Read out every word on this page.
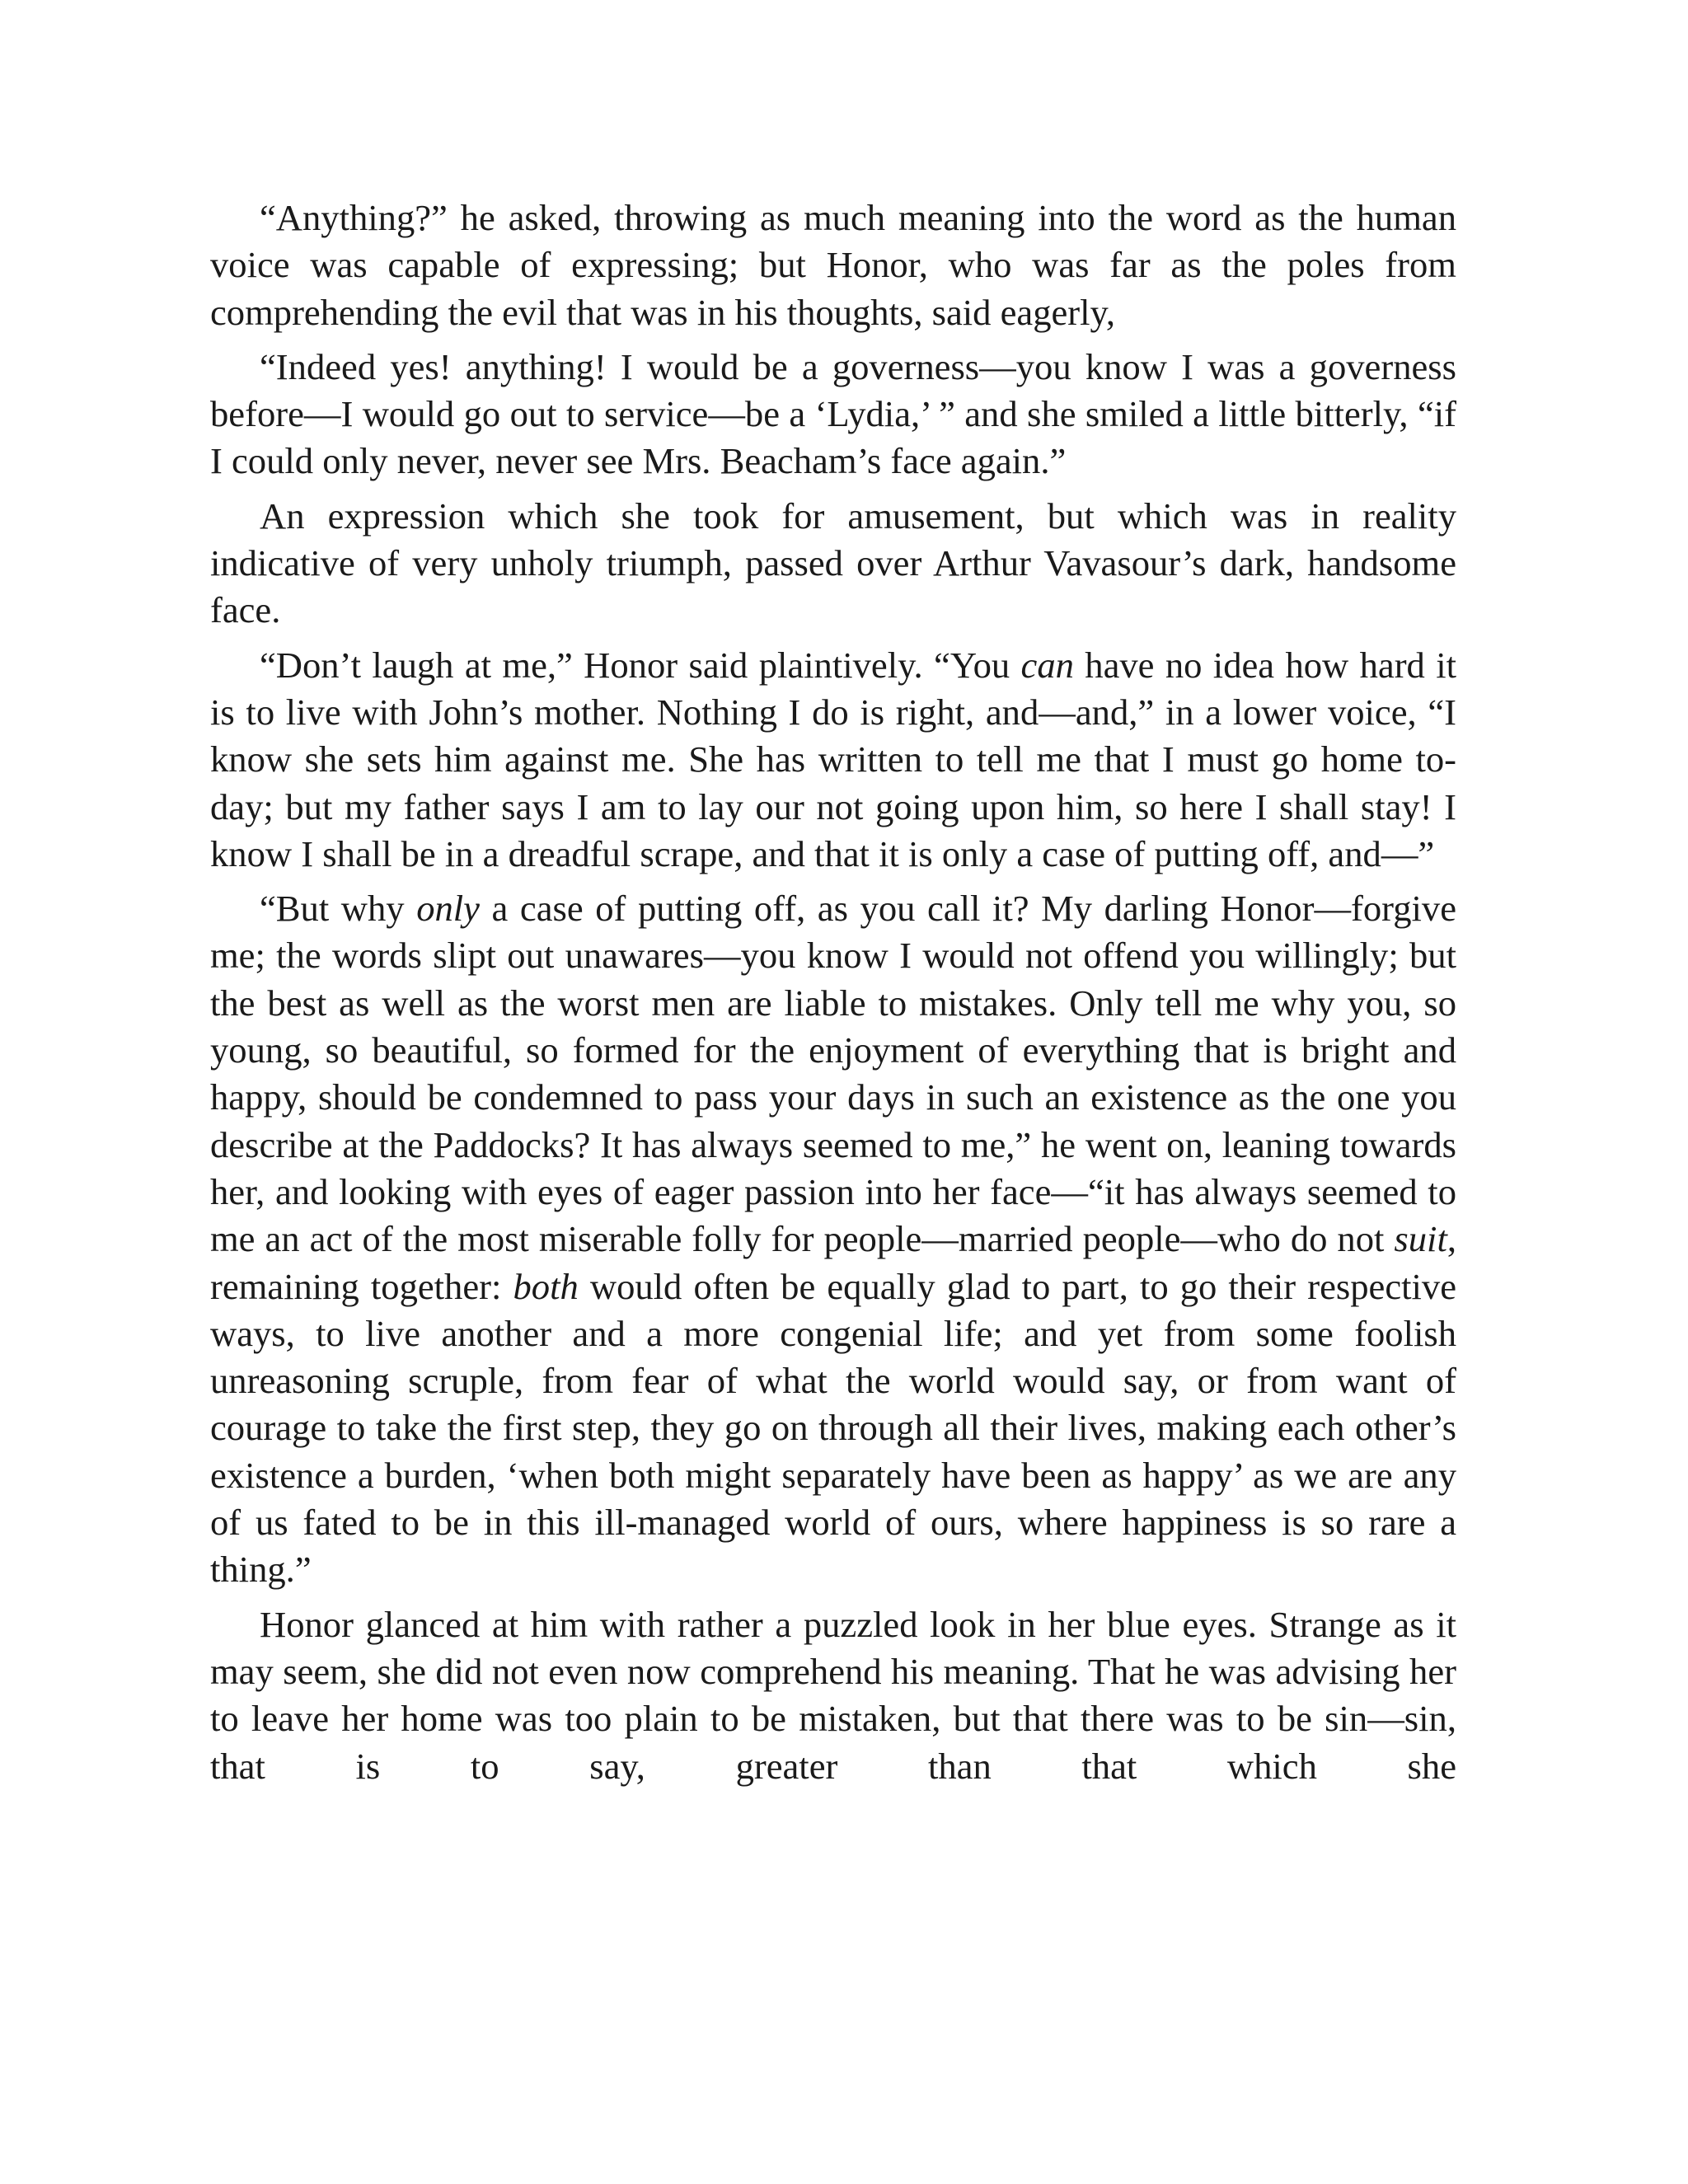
“Anything?” he asked, throwing as much meaning into the word as the human voice was capable of expressing; but Honor, who was far as the poles from comprehending the evil that was in his thoughts, said eagerly,

“Indeed yes! anything! I would be a governess—you know I was a governess before—I would go out to service—be a ‘Lydia,’ ” and she smiled a little bitterly, “if I could only never, never see Mrs. Beacham’s face again.”

An expression which she took for amusement, but which was in reality indicative of very unholy triumph, passed over Arthur Vavasour’s dark, handsome face.

“Don’t laugh at me,” Honor said plaintively. “You can have no idea how hard it is to live with John’s mother. Nothing I do is right, and—and,” in a lower voice, “I know she sets him against me. She has written to tell me that I must go home to-day; but my father says I am to lay our not going upon him, so here I shall stay! I know I shall be in a dreadful scrape, and that it is only a case of putting off, and—”

“But why only a case of putting off, as you call it? My darling Honor—forgive me; the words slipt out unawares—you know I would not offend you willingly; but the best as well as the worst men are liable to mistakes. Only tell me why you, so young, so beautiful, so formed for the enjoyment of everything that is bright and happy, should be condemned to pass your days in such an existence as the one you describe at the Paddocks? It has always seemed to me,” he went on, leaning towards her, and looking with eyes of eager passion into her face—“it has always seemed to me an act of the most miserable folly for people—married people—who do not suit, remaining together: both would often be equally glad to part, to go their respective ways, to live another and a more congenial life; and yet from some foolish unreasoning scruple, from fear of what the world would say, or from want of courage to take the first step, they go on through all their lives, making each other’s existence a burden, ‘when both might separately have been as happy’ as we are any of us fated to be in this ill-managed world of ours, where happiness is so rare a thing.”

Honor glanced at him with rather a puzzled look in her blue eyes. Strange as it may seem, she did not even now comprehend his meaning. That he was advising her to leave her home was too plain to be mistaken, but that there was to be sin—sin, that is to say, greater than that which she
